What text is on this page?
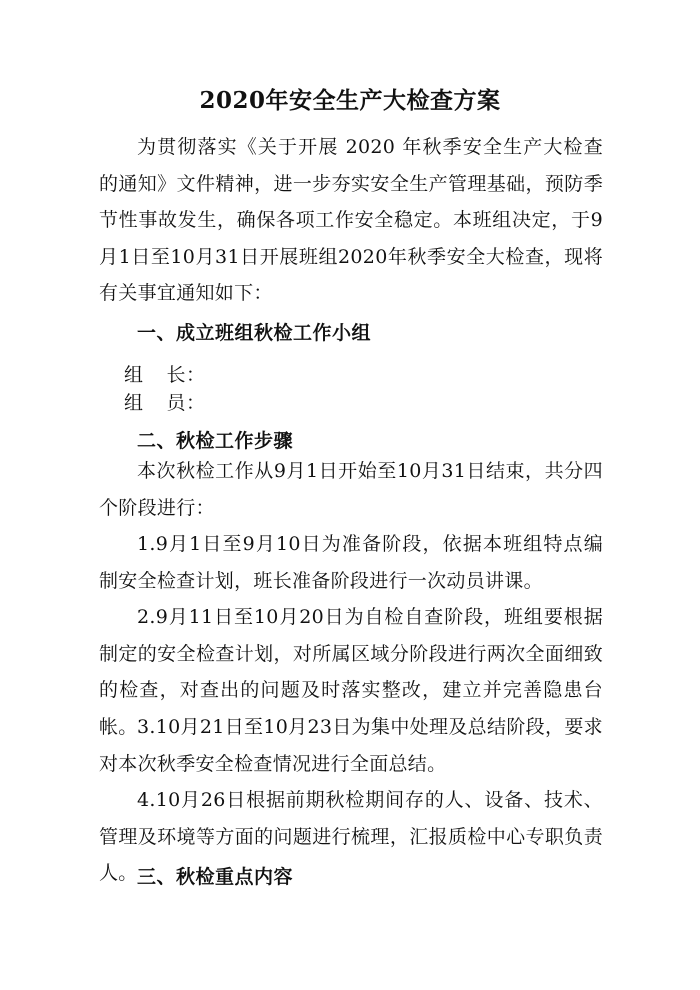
2020年安全生产大检查方案
为贯彻落实《关于开展 2020 年秋季安全生产大检查的通知》文件精神，进一步夯实安全生产管理基础，预防季节性事故发生，确保各项工作安全稳定。本班组决定，于9月1日至10月31日开展班组2020年秋季安全大检查，现将有关事宜通知如下：
一、成立班组秋检工作小组
组长：
组员：
二、秋检工作步骤
本次秋检工作从9月1日开始至10月31日结束，共分四个阶段进行：
1.9月1日至9月10日为准备阶段，依据本班组特点编制安全检查计划，班长准备阶段进行一次动员讲课。
2.9月11日至10月20日为自检自查阶段，班组要根据制定的安全检查计划，对所属区域分阶段进行两次全面细致的检查，对查出的问题及时落实整改，建立并完善隐患台帐。 3.10月21日至10月23日为集中处理及总结阶段，要求对本次秋季安全检查情况进行全面总结。
4.10月26日根据前期秋检期间存的人、设备、技术、管理及环境等方面的问题进行梳理，汇报质检中心专职负责人。 三、秋检重点内容
